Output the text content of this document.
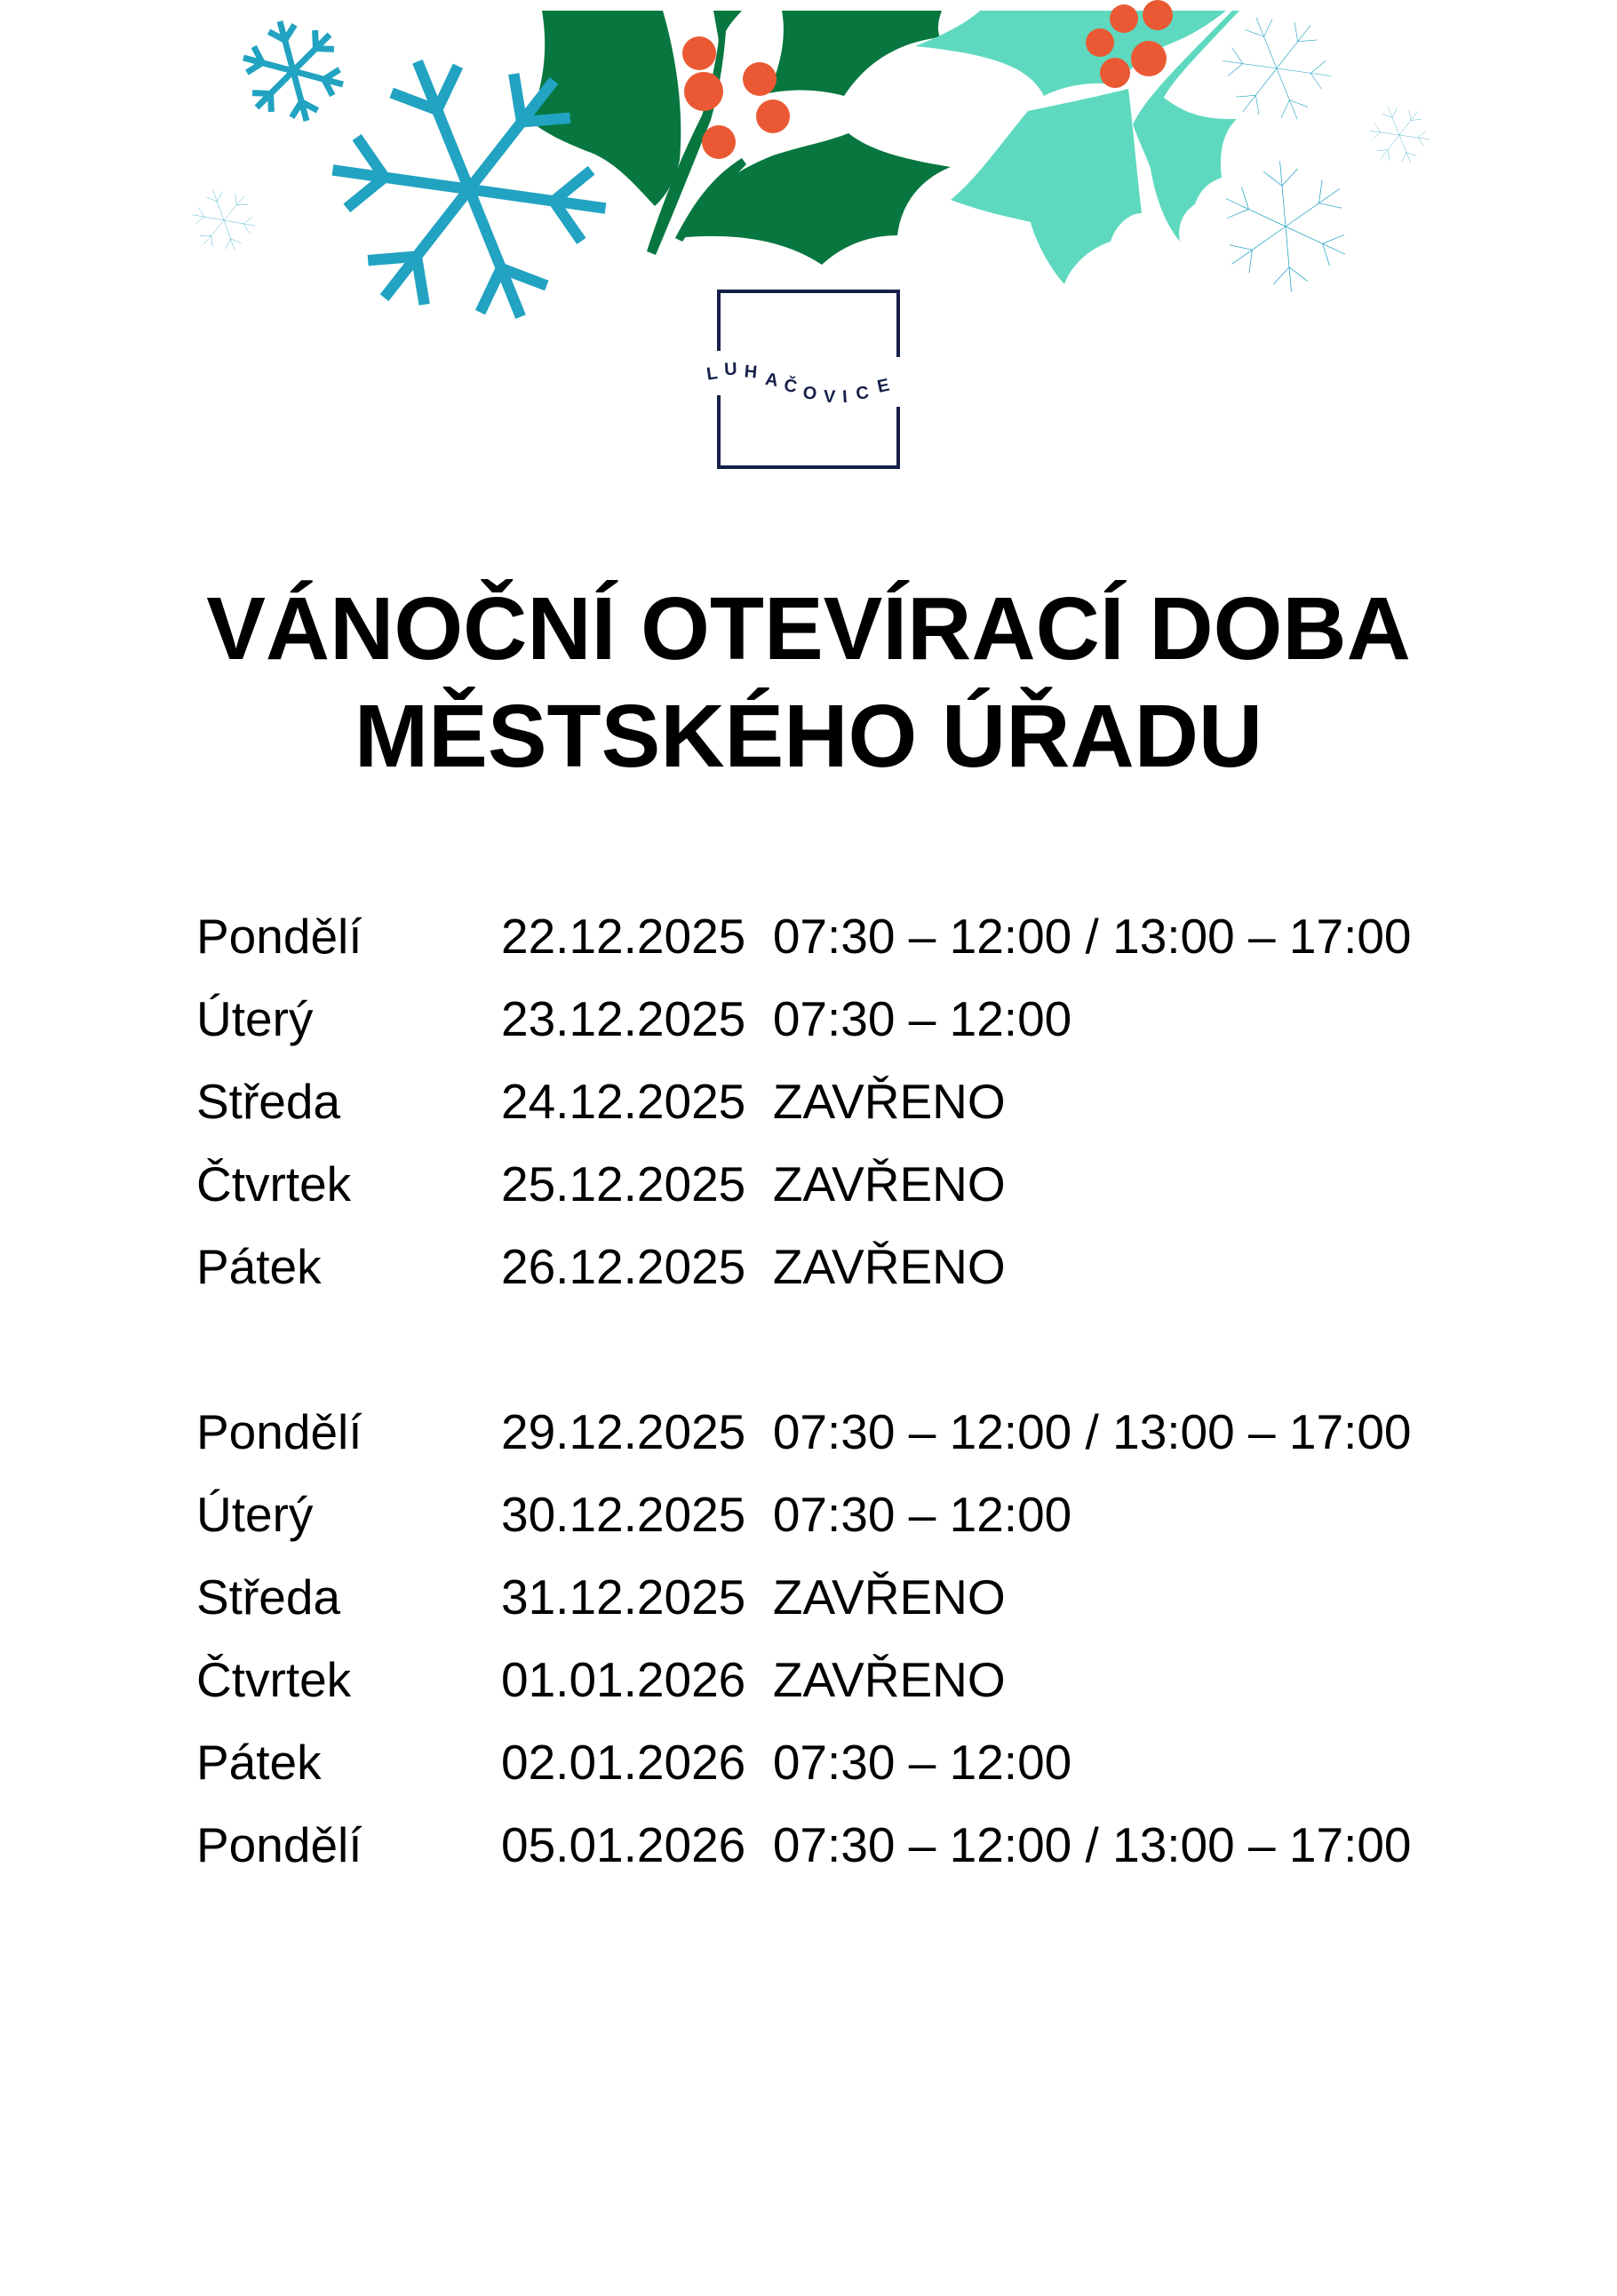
L U H A Č O V I C E
VÁNOČNÍ OTEVÍRACÍ DOBA
MĚSTSKÉHO ÚŘADU

Pondělí

	22.12.2025 07:30 – 12:00 / 13:00 – 17:00

Úterý

	23.12.2025 07:30 – 12:00

Středa

	24.12.2025 ZAVŘENO

Čtvrtek

	25.12.2025 ZAVŘENO

Pátek

	26.12.2025 ZAVŘENO

Pondělí

	29.12.2025 07:30 – 12:00 / 13:00 – 17:00

Úterý

	30.12.2025 07:30 – 12:00

Středa

	31.12.2025 ZAVŘENO

Čtvrtek

	01.01.2026 ZAVŘENO

Pátek

	02.01.2026 07:30 – 12:00

Pondělí

	05.01.2026 07:30 – 12:00 / 13:00 – 17:00
